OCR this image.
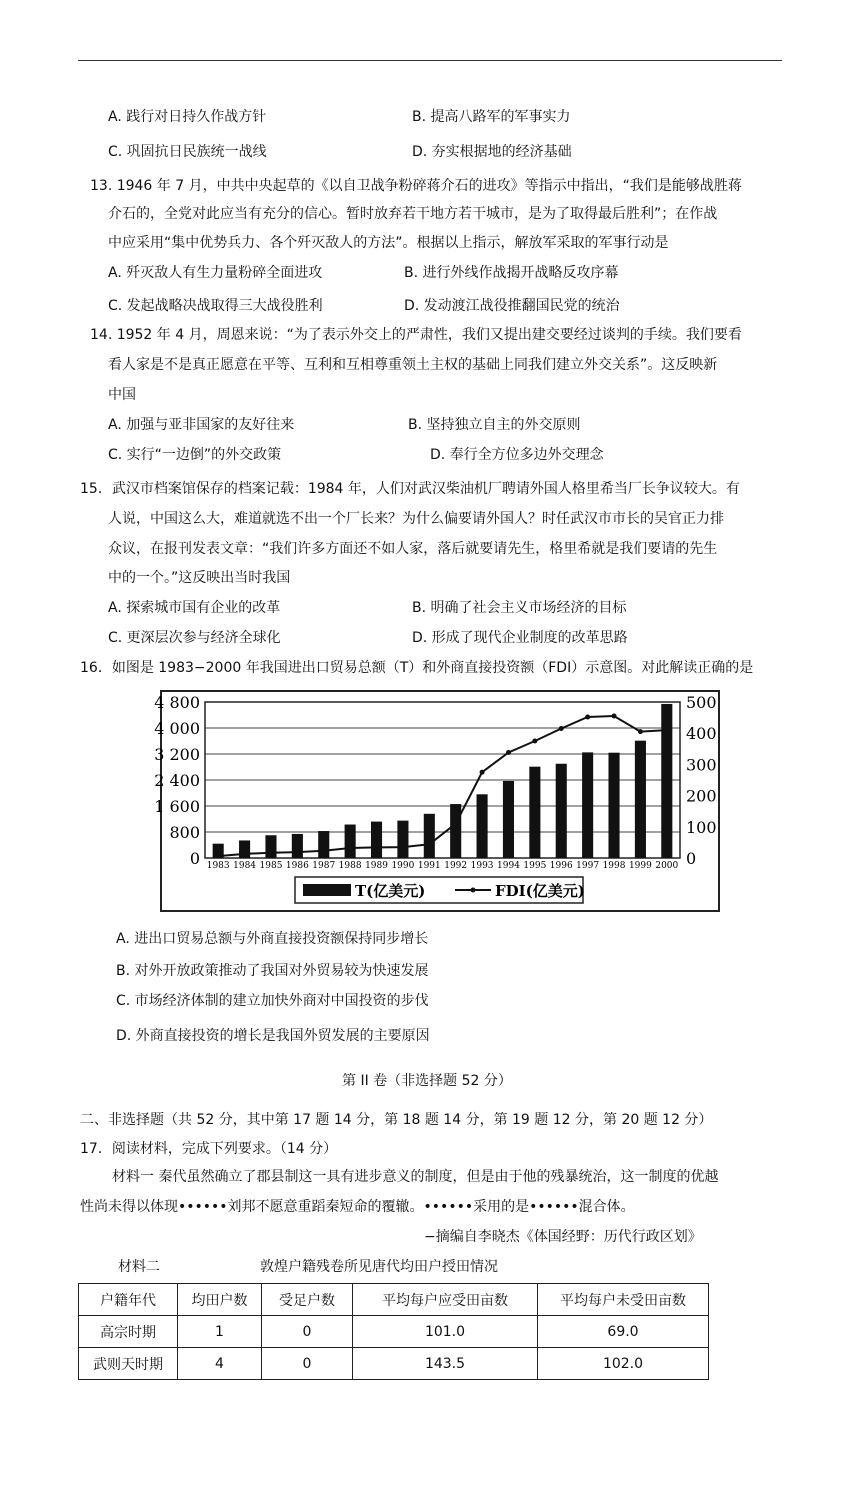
A. 践行对日持久作战方针	B. 提高八路军的军事实力
C. 巩固抗日民族统一战线	D. 夯实根据地的经济基础
13. 1946 年 7 月，中共中央起草的《以自卫战争粉碎蒋介石的进攻》等指示中指出，“我们是能够战胜蒋
介石的，全党对此应当有充分的信心。暂时放弃若干地方若干城市，是为了取得最后胜利”；在作战
中应采用“集中优势兵力、各个歼灭敌人的方法”。根据以上指示，解放军采取的军事行动是
A. 歼灭敌人有生力量粉碎全面进攻	B. 进行外线作战揭开战略反攻序幕
C. 发起战略决战取得三大战役胜利	D. 发动渡江战役推翻国民党的统治
14. 1952 年 4 月，周恩来说：“为了表示外交上的严肃性，我们又提出建交要经过谈判的手续。我们要看
看人家是不是真正愿意在平等、互利和互相尊重领土主权的基础上同我们建立外交关系”。这反映新
中国
A. 加强与亚非国家的友好往来	B. 坚持独立自主的外交原则
C. 实行“一边倒”的外交政策	D. 奉行全方位多边外交理念
15．武汉市档案馆保存的档案记载：1984 年，人们对武汉柴油机厂聘请外国人格里希当厂长争议较大。有
人说，中国这么大，难道就选不出一个厂长来？为什么偏要请外国人？时任武汉市市长的吴官正力排
众议，在报刊发表文章：“我们许多方面还不如人家，落后就要请先生，格里希就是我们要请的先生
中的一个。”这反映出当时我国
A. 探索城市国有企业的改革	B. 明确了社会主义市场经济的目标
C. 更深层次参与经济全球化	D. 形成了现代企业制度的改革思路
16．如图是 1983−2000 年我国进出口贸易总额（T）和外商直接投资额（FDI）示意图。对此解读正确的是
0
800
1 600
2 400
3 200
4 000
4 800
0
100
200
300
400
500
1983 1984 1985 1986 1987 1988 1989 1990 1991 1992 1993 1994 1995 1996 1997 1998 1999 2000
T(亿美元)	FDI(亿美元)
A. 进出口贸易总额与外商直接投资额保持同步增长
B. 对外开放政策推动了我国对外贸易较为快速发展
C. 市场经济体制的建立加快外商对中国投资的步伐
D. 外商直接投资的增长是我国外贸发展的主要原因
第 II 卷（非选择题 52 分）
二、非选择题（共 52 分，其中第 17 题 14 分，第 18 题 14 分，第 19 题 12 分，第 20 题 12 分）
17．阅读材料，完成下列要求。（14 分）
材料一 秦代虽然确立了郡县制这一具有进步意义的制度，但是由于他的残暴统治，这一制度的优越
性尚未得以体现••••••刘邦不愿意重蹈秦短命的覆辙。••••••采用的是••••••混合体。
−摘编自李晓杰《体国经野：历代行政区划》
材料二	敦煌户籍残卷所见唐代均田户授田情况
户籍年代	均田户数	受足户数	平均每户应受田亩数	平均每户未受田亩数
高宗时期	1	0	101.0	69.0
武则天时期	4	0	143.5	102.0
